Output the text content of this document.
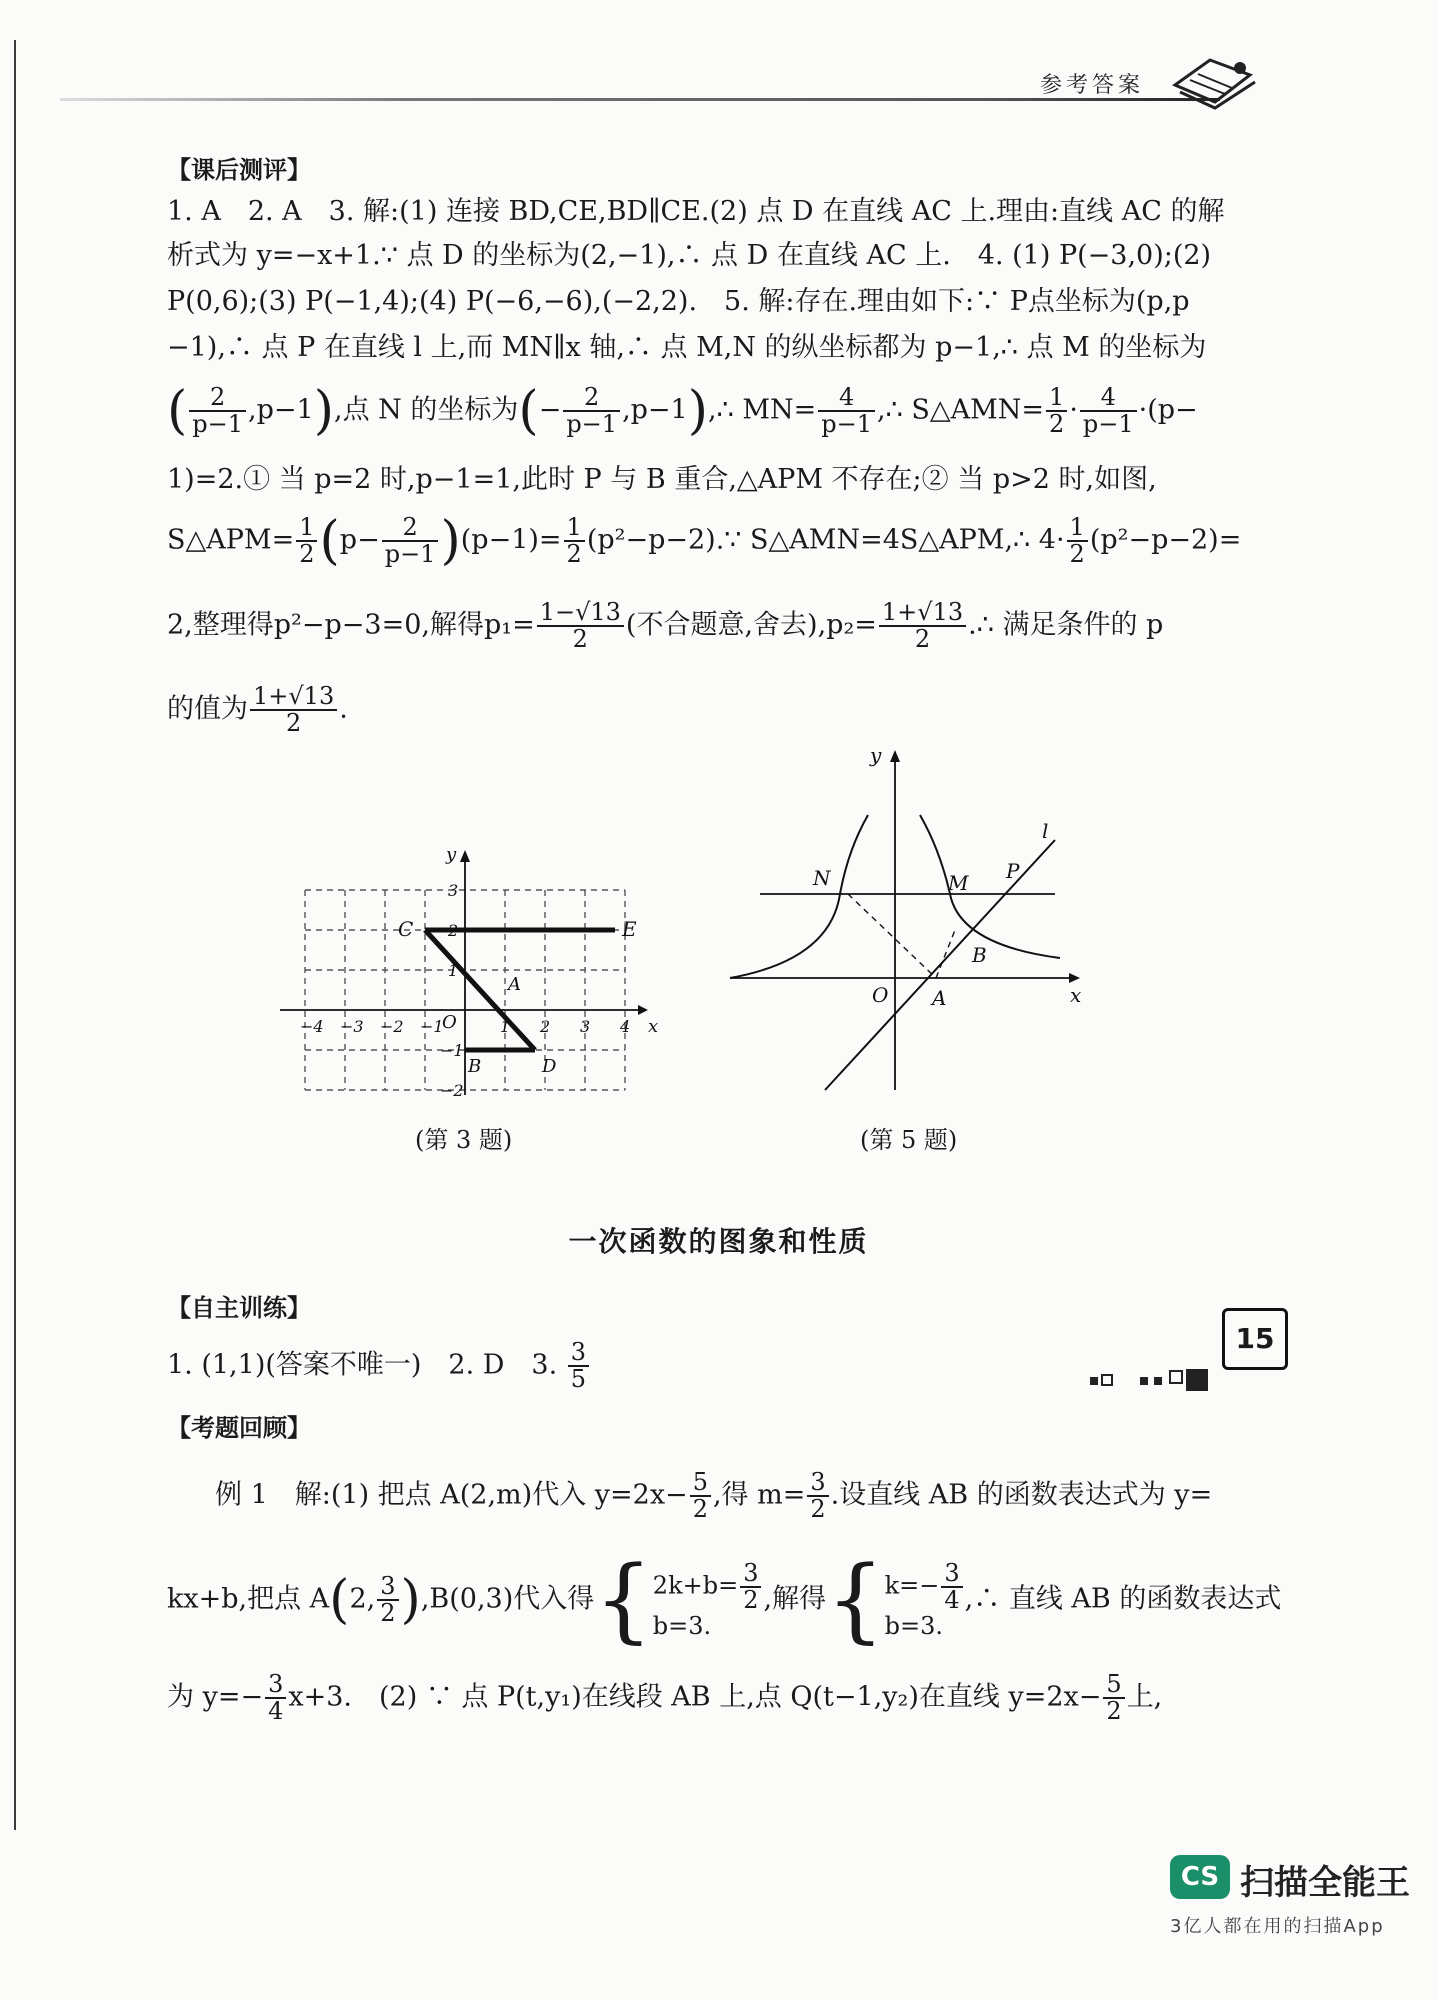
参考答案
【课后测评】
1. A　2. A　3. 解:(1) 连接 BD,CE,BD∥CE.(2) 点 D 在直线 AC 上.理由:直线 AC 的解
析式为 y=−x+1.∵ 点 D 的坐标为(2,−1),∴ 点 D 在直线 AC 上.　4. (1) P(−3,0);(2)
P(0,6);(3) P(−1,4);(4) P(−6,−6),(−2,2).　5. 解:存在.理由如下:∵ P点坐标为(p,p
−1),∴ 点 P 在直线 l 上,而 MN∥x 轴,∴ 点 M,N 的纵坐标都为 p−1,∴ 点 M 的坐标为
( $\frac{2}{p-1} ,p-1$),点 N 的坐标为(− $\frac{2}{p-1}$ ,p−1),∴ $MN= \frac{4}{p-1}$ ,∴ S△AMN= $\frac{1}{2} \cdot \frac{4}{p-1} \cdot(p-$
1)=2.① 当 p=2 时,p−1=1,此时 P 与 B 重合,△APM 不存在;② 当 p>2 时,如图,
S△APM= $\frac{1}{2} (p- \frac{2}{p-1} )(p-1)= \frac{1}{2}$ (p²−p−2).∵ S△AMN=4S△APM,∴ $4\cdot \frac{1}{2} (p^2-p-2)=$
2,整理得p²−p−3=0,解得$p_1= \frac{1-√13}{2}$ (不合题意,舍去)$,p_2= \frac{1+√13}{2}$ .∴ 满足条件的 p
的值为 $\frac{1+√13}{2}$ .
−4 −3 −2 −1	1 2 3 4
3
2
1
−1
−2
C	E
A
B	D
O	x
y
(第 3 题)
N	M P
l
B
O A	x
y
(第 5 题)
一次函数的图象和性质
【自主训练】
1. (1,1)(答案不唯一)　2. D　3. $\frac{3}{5}$
【考题回顾】
例 1　解:(1) 把点 A(2,m)代入 $y=2x- \frac{5}{2}$ ,得 $m= \frac{3}{2}$ .设直线 AB 的函数表达式为 y=
kx+b,把点 A(2, $\frac{3}{2} ),B(0,3)$代入得{ $2k+b= \frac{3}{2}$
b=3.
,解得{ $k=- \frac{3}{4}$
b=3.
,∴ 直线 AB 的函数表达式
为 $y=- \frac{3}{4} x+3$.　(2) ∵ 点 P(t,y₁)在线段 AB 上,点 Q(t−1,y₂)在直线 $y=2x- \frac{5}{2}$ 上,
15
CS 扫描全能王
3亿人都在用的扫描App
